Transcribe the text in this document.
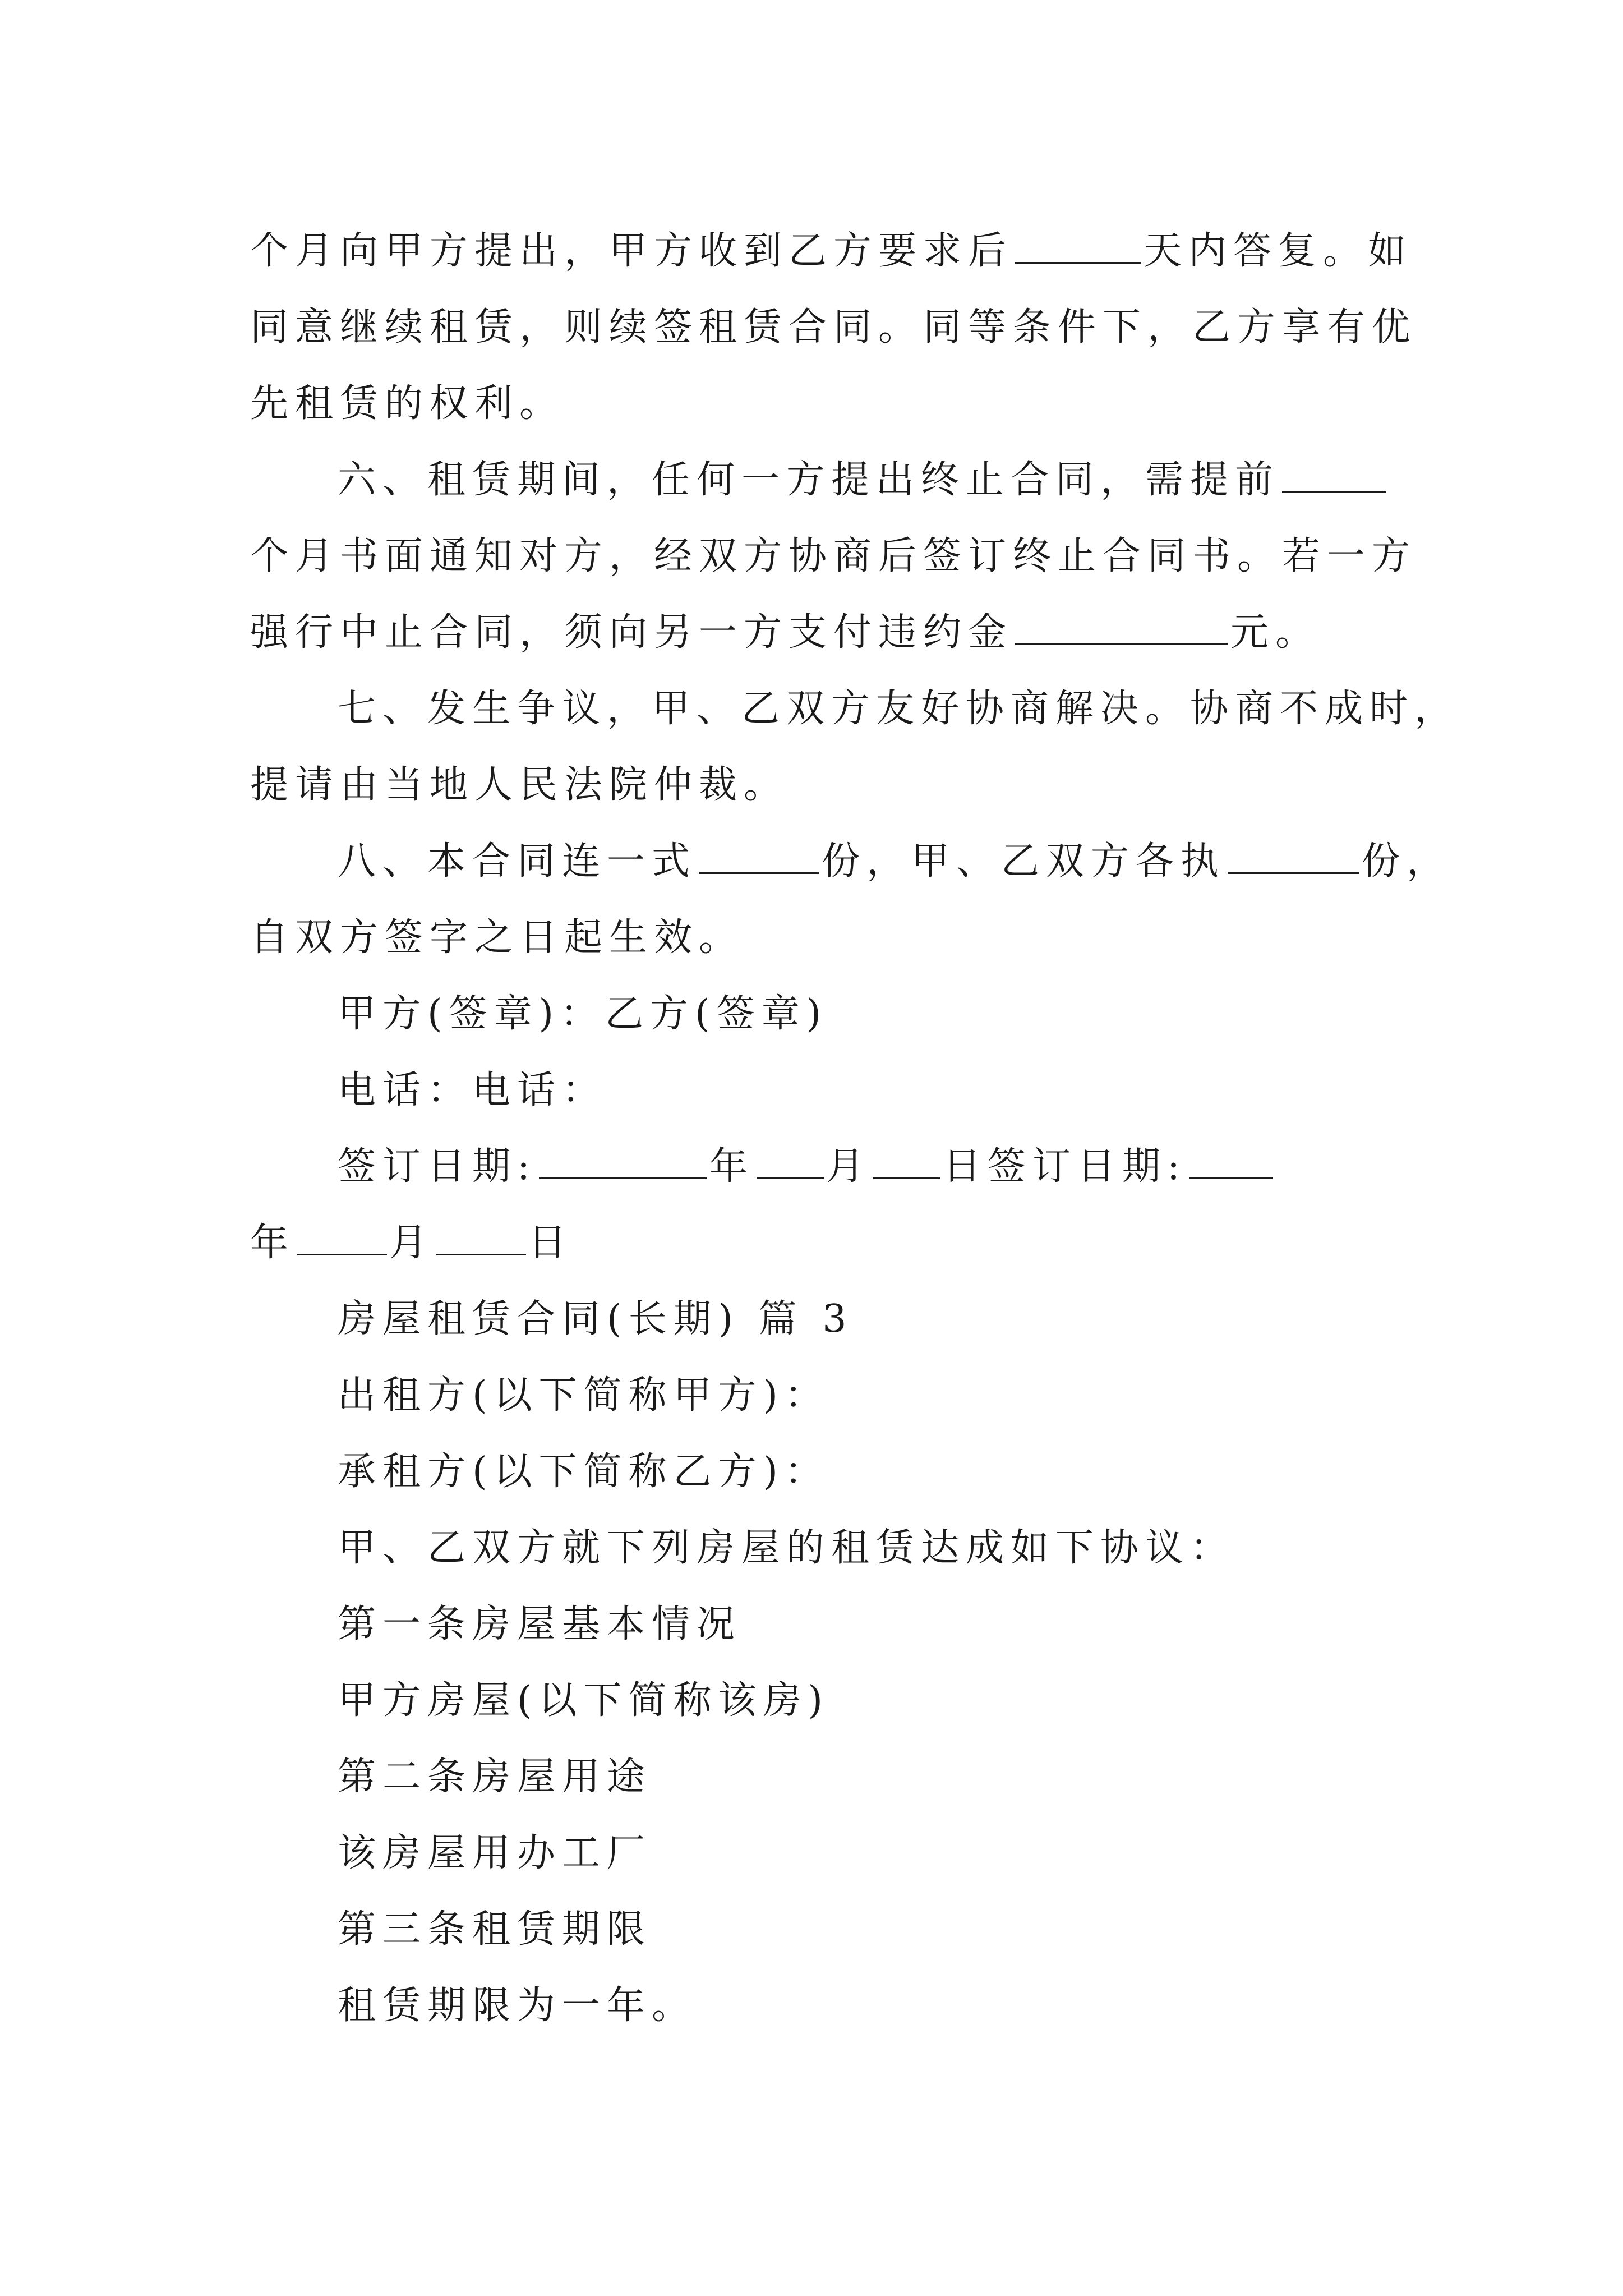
个月向甲方提出，甲方收到乙方要求后	天内答复。如
同意继续租赁，则续签租赁合同。同等条件下，乙方享有优
先租赁的权利。
六、租赁期间，任何一方提出终止合同，需提前
个月书面通知对方，经双方协商后签订终止合同书。若一方
强行中止合同，须向另一方支付违约金	元。
七、发生争议，甲、乙双方友好协商解决。协商不成时，
提请由当地人民法院仲裁。
八、本合同连一式	份，甲、乙双方各执	份，
自双方签字之日起生效。
甲方(签章)：乙方(签章)
电话：电话：
签订日期:	年 月 日签订日期:
年 月 日
房屋租赁合同(长期) 篇 3
出租方(以下简称甲方)：
承租方(以下简称乙方)：
甲、乙双方就下列房屋的租赁达成如下协议：
第一条房屋基本情况
甲方房屋(以下简称该房)
第二条房屋用途
该房屋用办工厂
第三条租赁期限
租赁期限为一年。
